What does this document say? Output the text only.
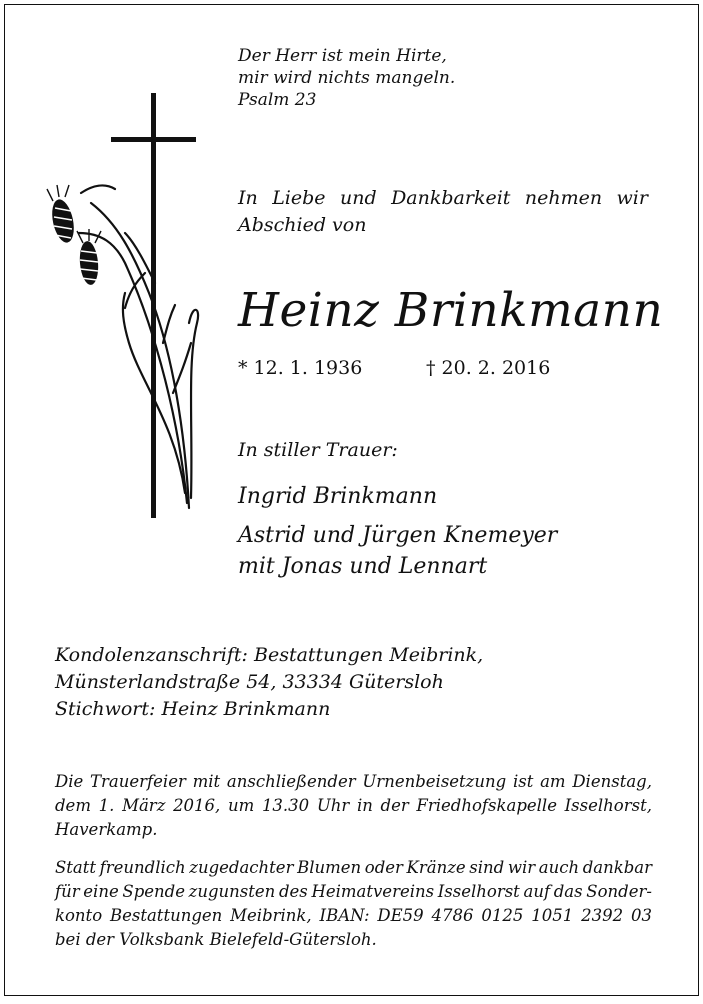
Der Herr ist mein Hirte,
mir wird nichts mangeln.
Psalm 23
In Liebe und Dankbarkeit nehmen wir
Abschied von
Heinz Brinkmann
* 12. 1. 1936	† 20. 2. 2016
In stiller Trauer:
Ingrid Brinkmann
Astrid und Jürgen Knemeyer
mit Jonas und Lennart
Kondolenzanschrift: Bestattungen Meibrink,
Münsterlandstraße 54, 33334 Gütersloh
Stichwort: Heinz Brinkmann
Die Trauerfeier mit anschließender Urnenbeisetzung ist am Dienstag,
dem 1. März 2016, um 13.30 Uhr in der Friedhofskapelle Isselhorst,
Haverkamp.
Statt freundlich zugedachter Blumen oder Kränze sind wir auch dankbar
für eine Spende zugunsten des Heimatvereins Isselhorst auf das Sonder-
konto Bestattungen Meibrink, IBAN: DE59 4786 0125 1051 2392 03
bei der Volksbank Bielefeld-Gütersloh.
